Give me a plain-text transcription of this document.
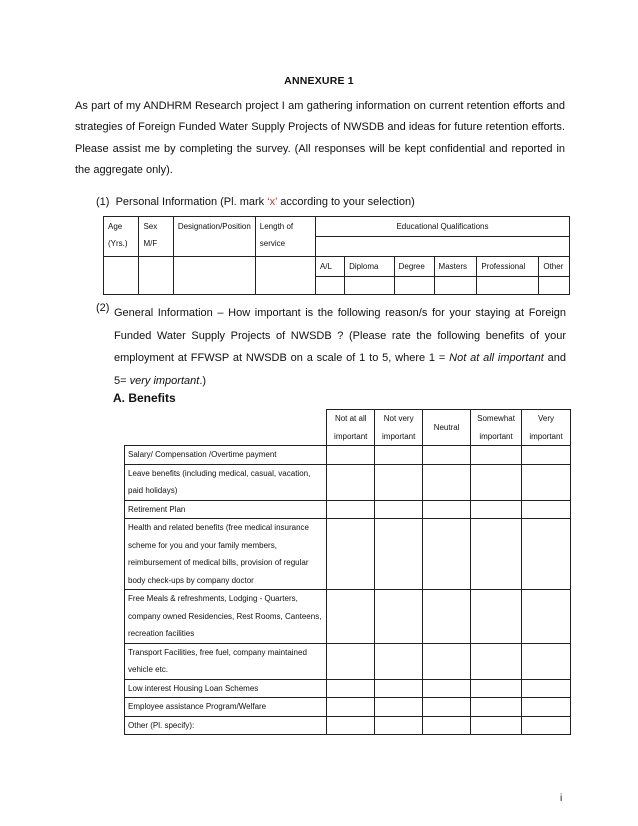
ANNEXURE 1
As part of my ANDHRM Research project I am gathering information on current retention efforts and strategies of Foreign Funded Water Supply Projects of NWSDB and ideas for future retention efforts. Please assist me by completing the survey. (All responses will be kept confidential and reported in the aggregate only).
(1) Personal Information (Pl. mark ‘x’ according to your selection)
Age (Yrs.)	Sex M/F	Designation/Position	Length of service	Educational Qualifications					

				A/L	Diploma	Degree	Masters	Professional	Other

(2) General Information – How important is the following reason/s for your staying at Foreign Funded Water Supply Projects of NWSDB ? (Please rate the following benefits of your employment at FFWSP at NWSDB on a scale of 1 to 5, where 1 = Not at all important and 5= very important.)
A. Benefits
	Not at all important	Not very important	Neutral	Somewhat important	Very important
Salary/ Compensation /Overtime payment					
Leave benefits (including medical, casual, vacation, paid holidays)					
Retirement Plan					
Health and related benefits (free medical insurance scheme for you and your family members, reimbursement of medical bills, provision of regular body check-ups by company doctor					
Free Meals & refreshments, Lodging - Quarters, company owned Residencies, Rest Rooms, Canteens, recreation facilities					
Transport Facilities, free fuel, company maintained vehicle etc.					
Low interest Housing Loan Schemes					
Employee assistance Program/Welfare					
Other (Pl. specify):					
i
